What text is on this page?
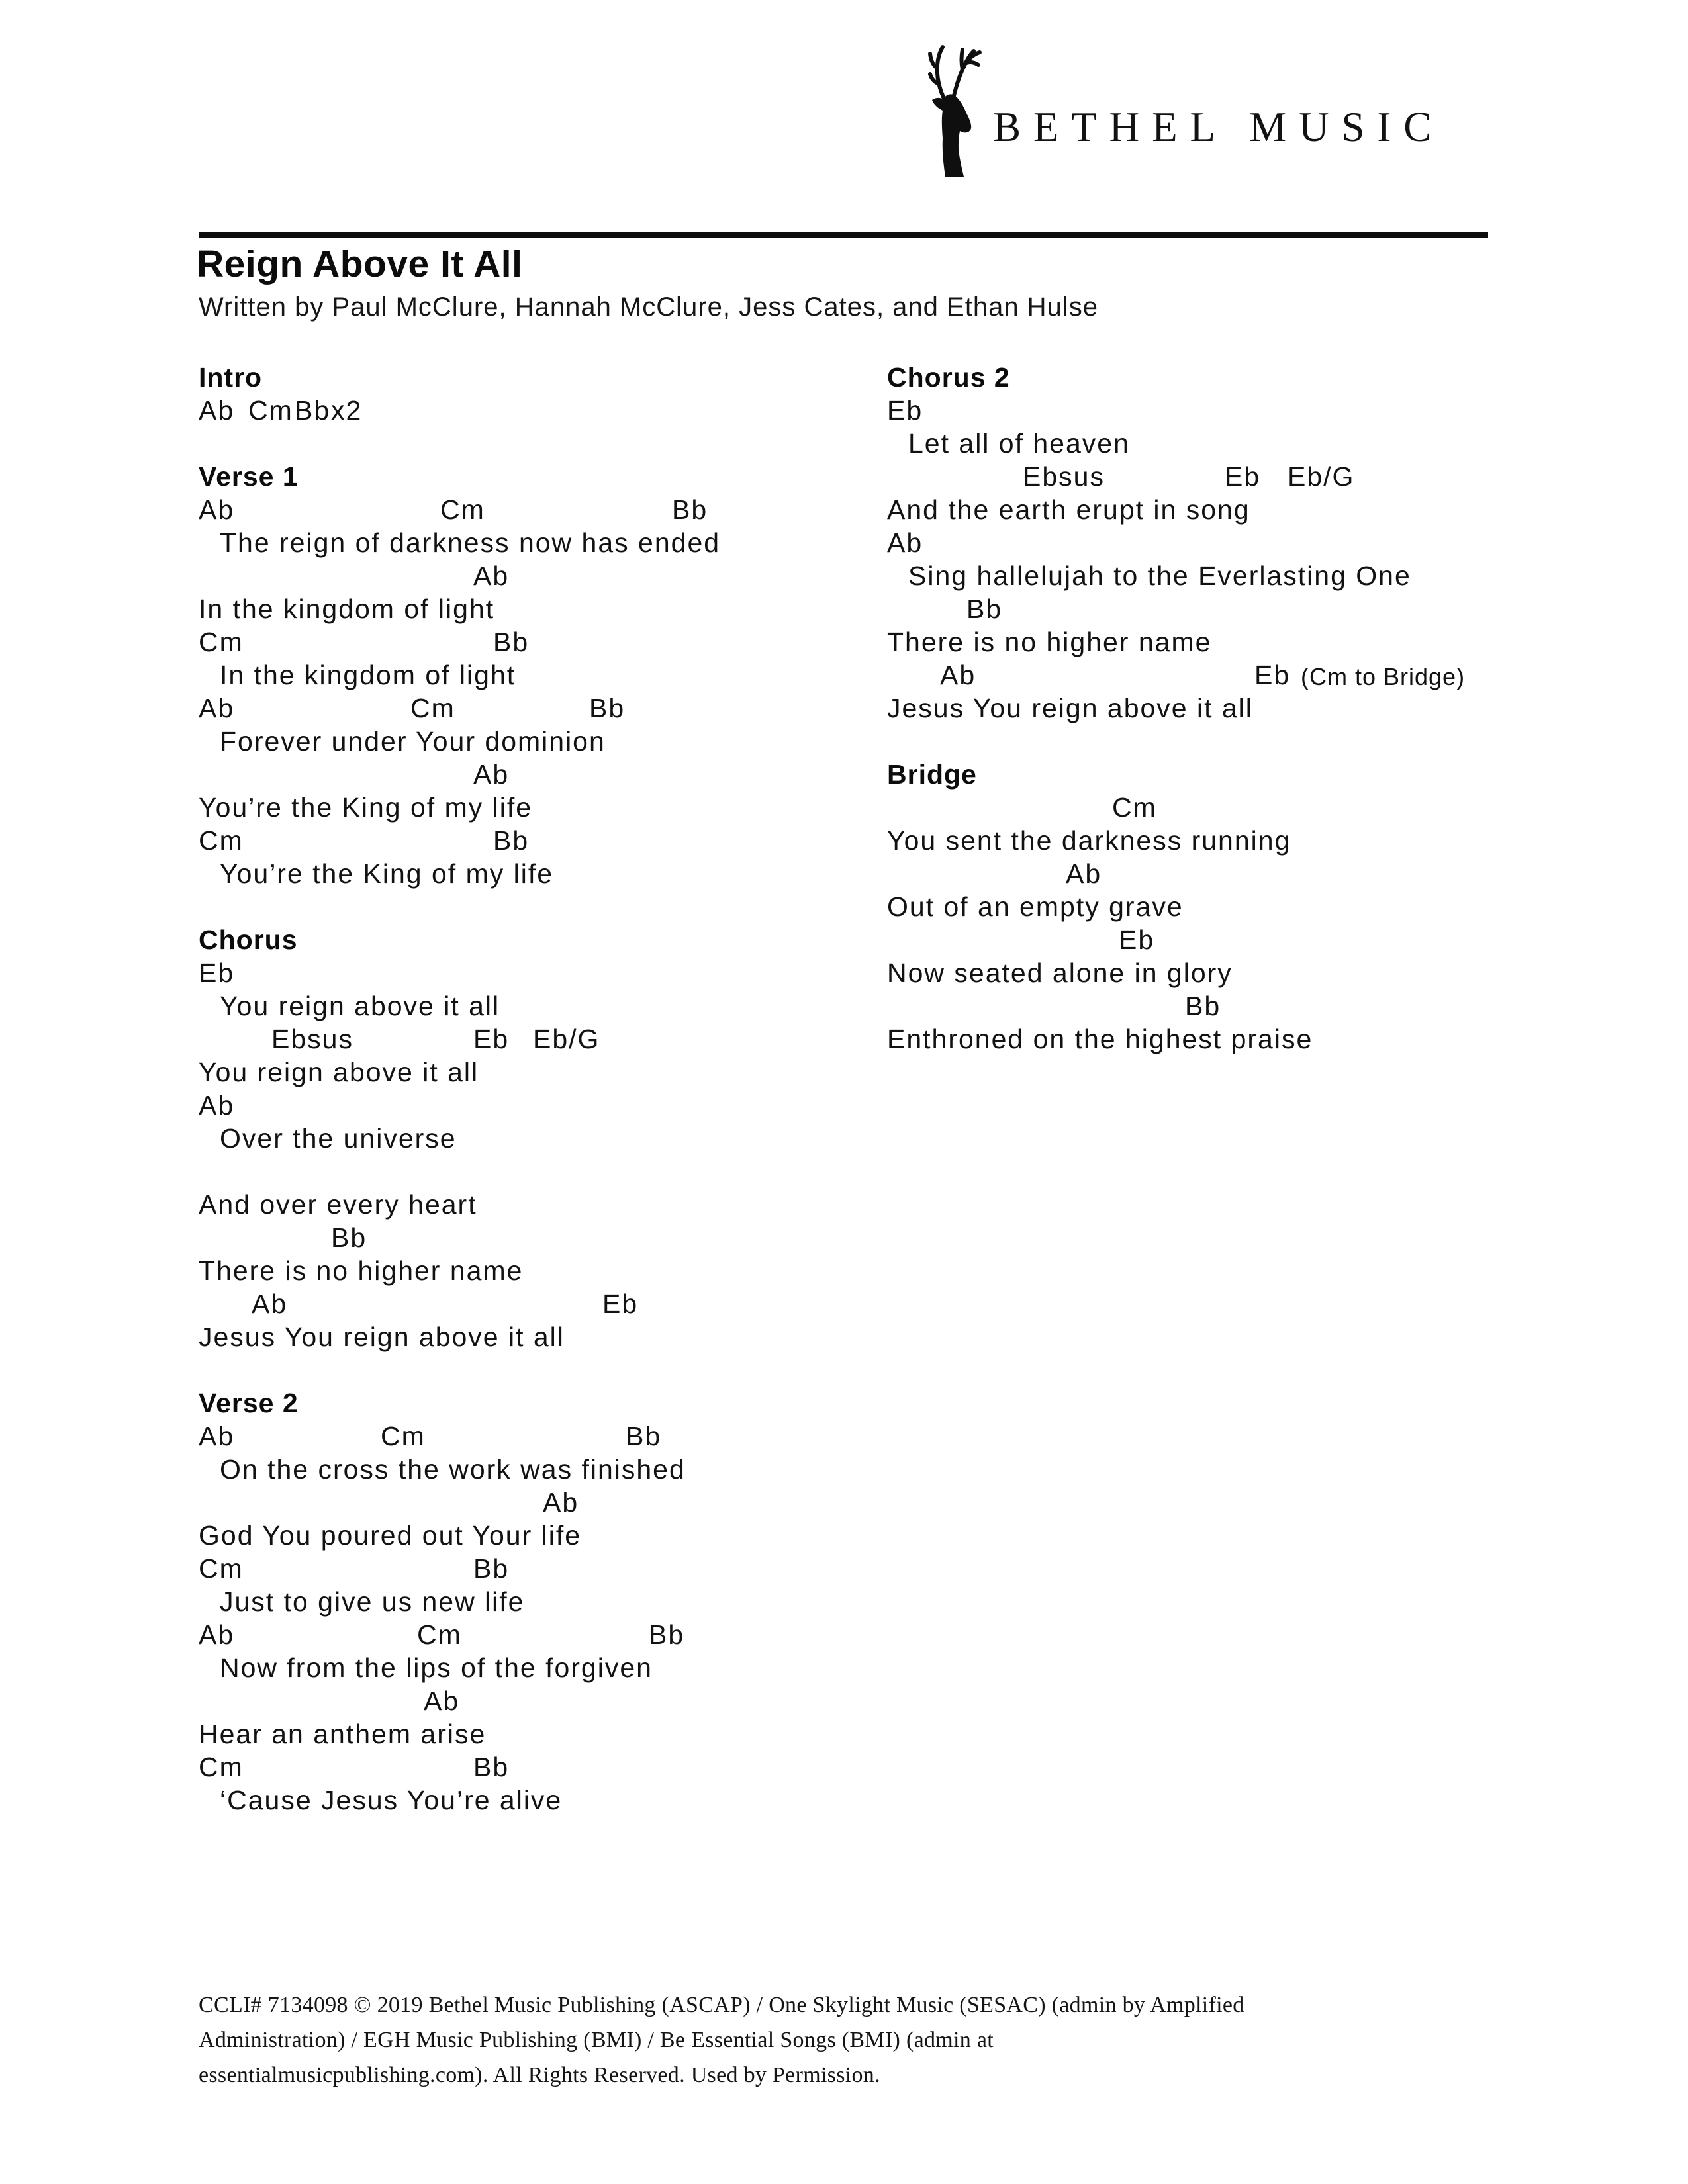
BETHEL MUSIC
Reign Above It All
Written by Paul McClure, Hannah McClure, Jess Cates, and Ethan Hulse
Intro
Ab Cm Bb x2
Verse 1
Ab	Cm	Bb
The reign of darkness now has ended
Ab
In the kingdom of light
Cm	Bb
In the kingdom of light
Ab	Cm	Bb
Forever under Your dominion
Ab
You’re the King of my life
Cm	Bb
You’re the King of my life
Chorus
Eb
You reign above it all
Ebsus	Eb Eb/G
You reign above it all
Ab
Over the universe
And over every heart
Bb
There is no higher name
Ab	Eb
Jesus You reign above it all
Verse 2
Ab	Cm	Bb
On the cross the work was finished
Ab
God You poured out Your life
Cm	Bb
Just to give us new life
Ab	Cm	Bb
Now from the lips of the forgiven
Ab
Hear an anthem arise
Cm	Bb
‘Cause Jesus You’re alive
Chorus 2
Eb
Let all of heaven
Ebsus	Eb Eb/G
And the earth erupt in song
Ab
Sing hallelujah to the Everlasting One
Bb
There is no higher name
Ab	Eb (Cm to Bridge)
Jesus You reign above it all
Bridge
Cm
You sent the darkness running
Ab
Out of an empty grave
Eb
Now seated alone in glory
Bb
Enthroned on the highest praise
CCLI# 7134098 © 2019 Bethel Music Publishing (ASCAP) / One Skylight Music (SESAC) (admin by Amplified
Administration) / EGH Music Publishing (BMI) / Be Essential Songs (BMI) (admin at
essentialmusicpublishing.com). All Rights Reserved. Used by Permission.
